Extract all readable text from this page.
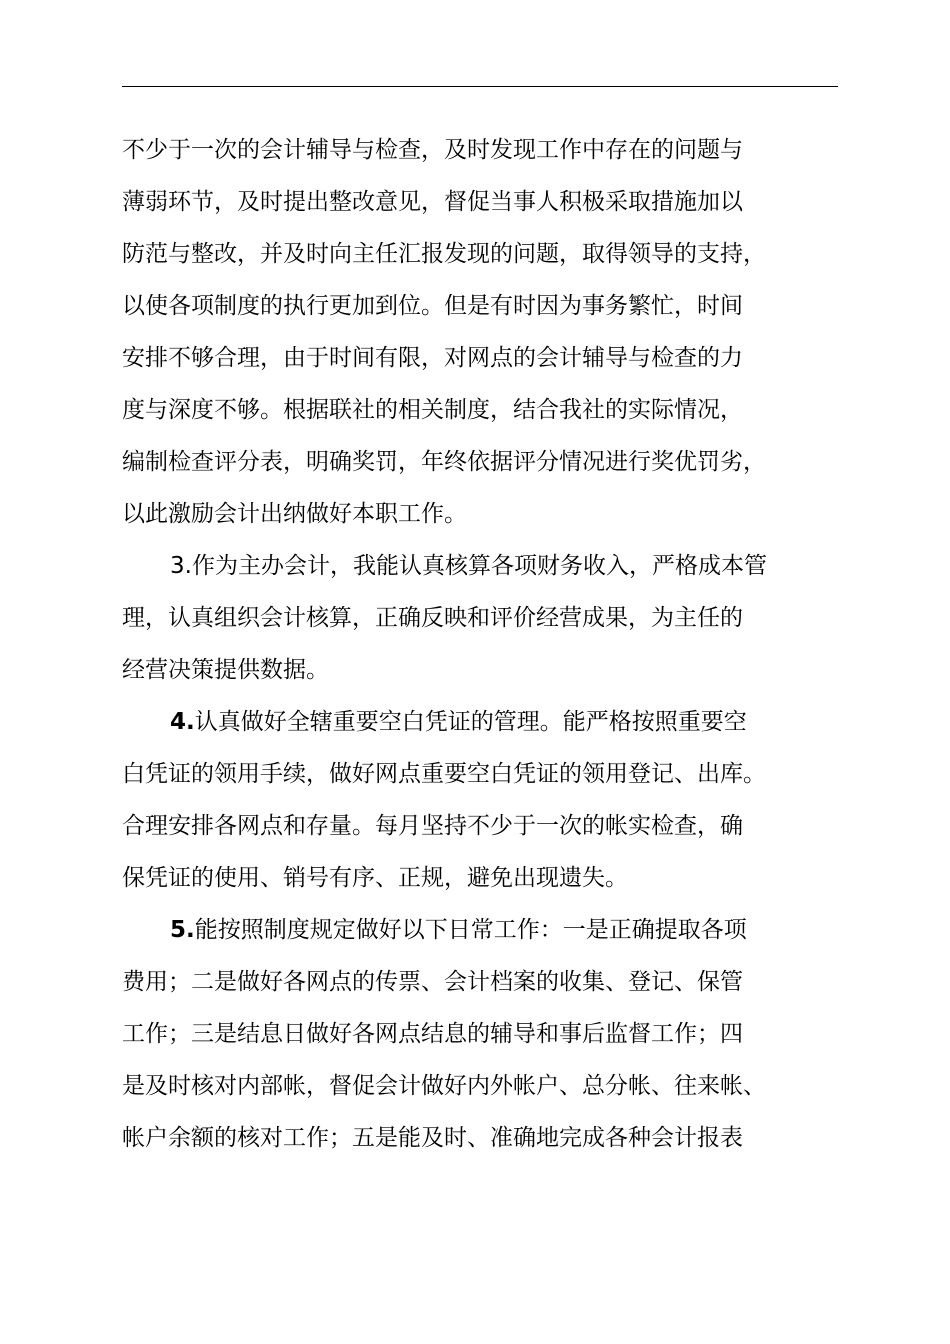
不少于一次的会计辅导与检查，及时发现工作中存在的问题与
薄弱环节，及时提出整改意见，督促当事人积极采取措施加以
防范与整改，并及时向主任汇报发现的问题，取得领导的支持，
以使各项制度的执行更加到位。但是有时因为事务繁忙，时间
安排不够合理，由于时间有限，对网点的会计辅导与检查的力
度与深度不够。根据联社的相关制度，结合我社的实际情况，
编制检查评分表，明确奖罚，年终依据评分情况进行奖优罚劣，
以此激励会计出纳做好本职工作。
3.作为主办会计，我能认真核算各项财务收入，严格成本管
理，认真组织会计核算，正确反映和评价经营成果，为主任的
经营决策提供数据。
4.认真做好全辖重要空白凭证的管理。能严格按照重要空
白凭证的领用手续，做好网点重要空白凭证的领用登记、出库。
合理安排各网点和存量。每月坚持不少于一次的帐实检查，确
保凭证的使用、销号有序、正规，避免出现遗失。
5.能按照制度规定做好以下日常工作：一是正确提取各项
费用；二是做好各网点的传票、会计档案的收集、登记、保管
工作；三是结息日做好各网点结息的辅导和事后监督工作；四
是及时核对内部帐，督促会计做好内外帐户、总分帐、往来帐、
帐户余额的核对工作；五是能及时、准确地完成各种会计报表
